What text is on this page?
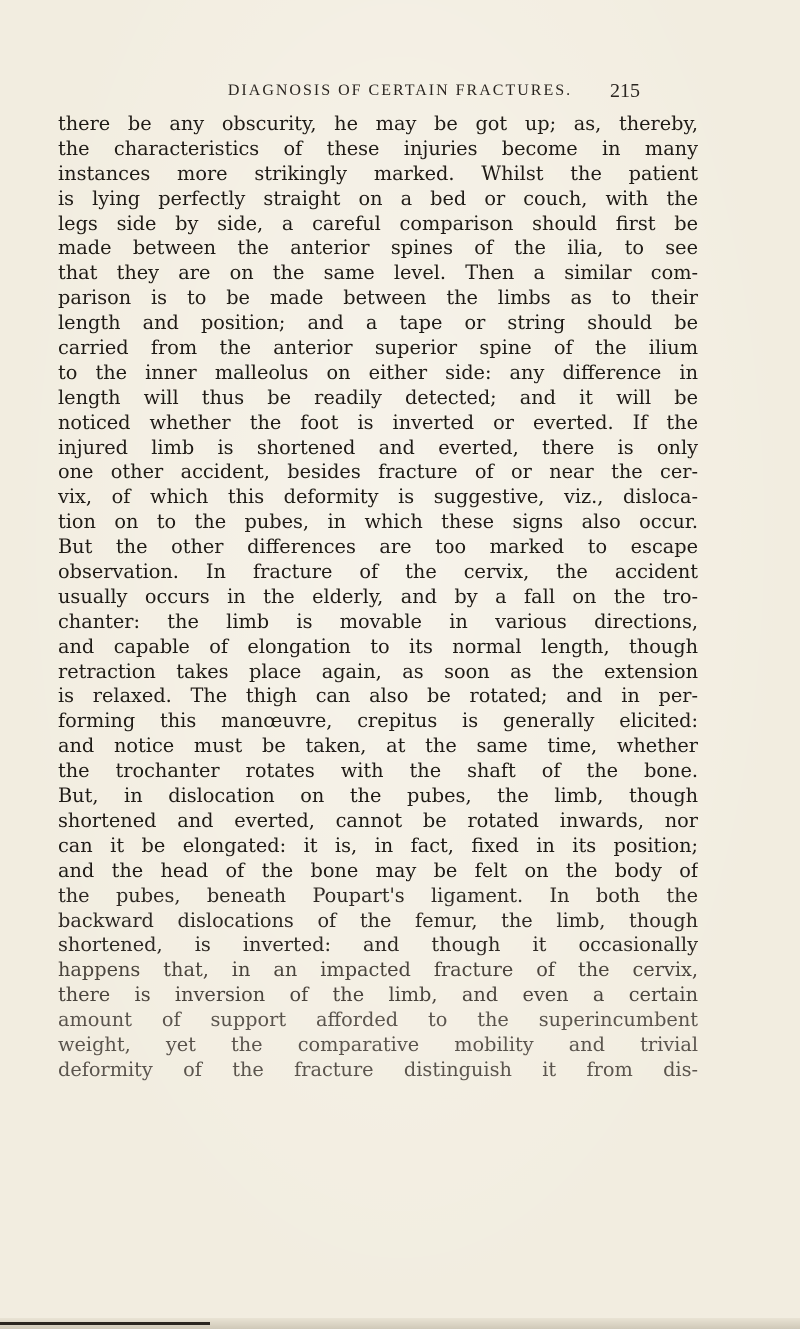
DIAGNOSIS OF CERTAIN FRACTURES.	215
there be any obscurity, he may be got up; as, thereby,
the characteristics of these injuries become in many
instances more strikingly marked. Whilst the patient
is lying perfectly straight on a bed or couch, with the
legs side by side, a careful comparison should first be
made between the anterior spines of the ilia, to see
that they are on the same level. Then a similar com-
parison is to be made between the limbs as to their
length and position; and a tape or string should be
carried from the anterior superior spine of the ilium
to the inner malleolus on either side: any difference in
length will thus be readily detected; and it will be
noticed whether the foot is inverted or everted. If the
injured limb is shortened and everted, there is only
one other accident, besides fracture of or near the cer-
vix, of which this deformity is suggestive, viz., disloca-
tion on to the pubes, in which these signs also occur.
But the other differences are too marked to escape
observation. In fracture of the cervix, the accident
usually occurs in the elderly, and by a fall on the tro-
chanter: the limb is movable in various directions,
and capable of elongation to its normal length, though
retraction takes place again, as soon as the extension
is relaxed. The thigh can also be rotated; and in per-
forming this manœuvre, crepitus is generally elicited:
and notice must be taken, at the same time, whether
the trochanter rotates with the shaft of the bone.
But, in dislocation on the pubes, the limb, though
shortened and everted, cannot be rotated inwards, nor
can it be elongated: it is, in fact, fixed in its position;
and the head of the bone may be felt on the body of
the pubes, beneath Poupart's ligament. In both the
backward dislocations of the femur, the limb, though
shortened, is inverted: and though it occasionally
happens that, in an impacted fracture of the cervix,
there is inversion of the limb, and even a certain
amount of support afforded to the superincumbent
weight, yet the comparative mobility and trivial
deformity of the fracture distinguish it from dis-
